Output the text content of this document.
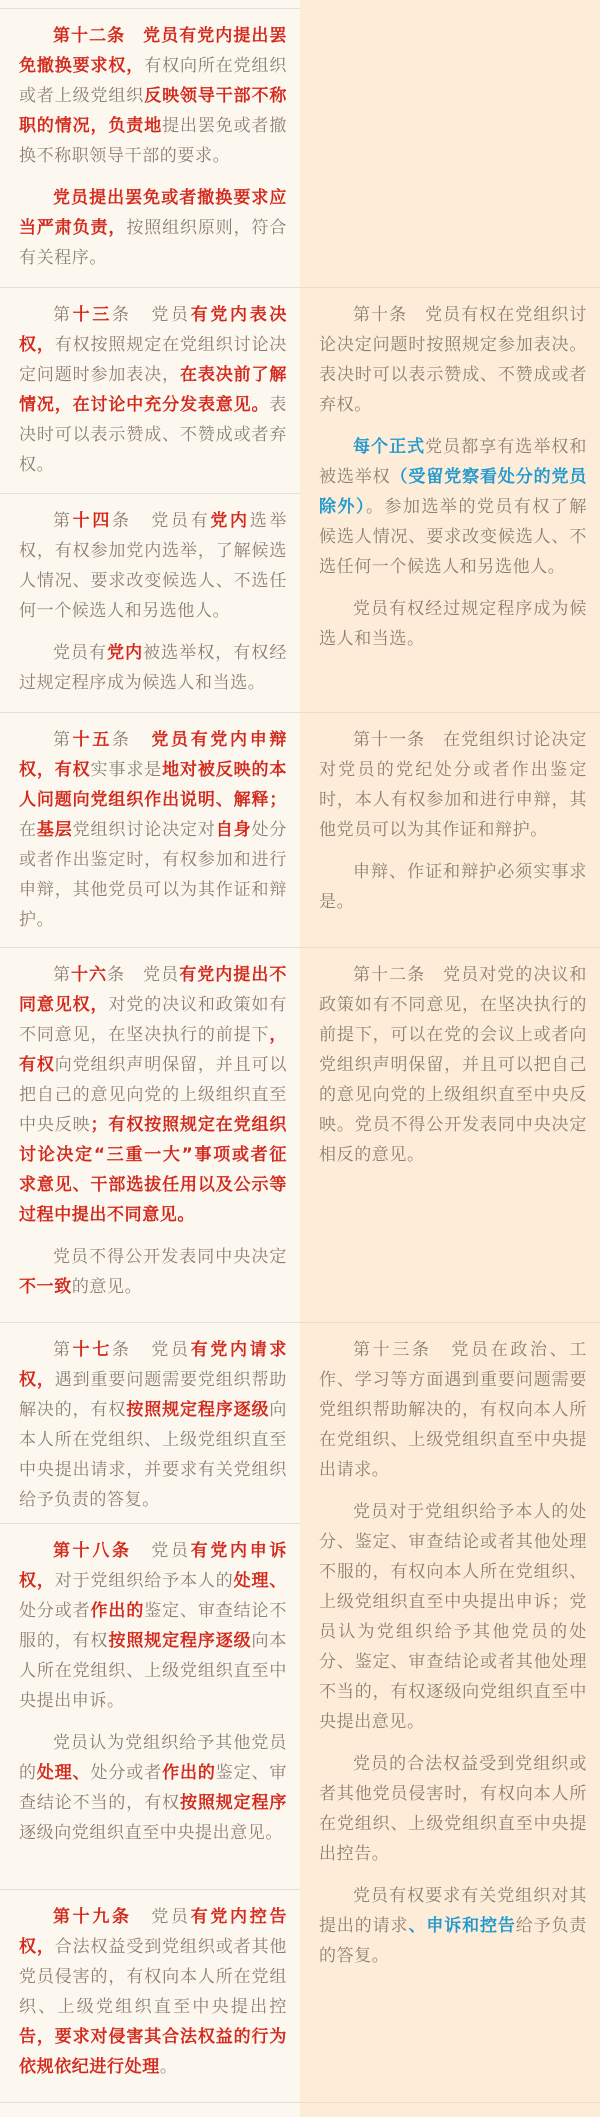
第十二条　党员有党内提出罢免撤换要求权，有权向所在党组织或者上级党组织反映领导干部不称职的情况，负责地提出罢免或者撤换不称职领导干部的要求。

党员提出罢免或者撤换要求应当严肃负责，按照组织原则，符合有关程序。

第十三条　党员有党内表决权，有权按照规定在党组织讨论决定问题时参加表决，在表决前了解情况，在讨论中充分发表意见。表决时可以表示赞成、不赞成或者弃权。

第十四条　党员有党内选举权，有权参加党内选举，了解候选人情况、要求改变候选人、不选任何一个候选人和另选他人。

党员有党内被选举权，有权经过规定程序成为候选人和当选。

第十条　党员有权在党组织讨论决定问题时按照规定参加表决。表决时可以表示赞成、不赞成或者弃权。

每个正式党员都享有选举权和被选举权（受留党察看处分的党员除外）。参加选举的党员有权了解候选人情况、要求改变候选人、不选任何一个候选人和另选他人。

党员有权经过规定程序成为候选人和当选。

第十五条　党员有党内申辩权，有权实事求是地对被反映的本人问题向党组织作出说明、解释；在基层党组织讨论决定对自身处分或者作出鉴定时，有权参加和进行申辩，其他党员可以为其作证和辩护。

第十一条　在党组织讨论决定对党员的党纪处分或者作出鉴定时，本人有权参加和进行申辩，其他党员可以为其作证和辩护。

申辩、作证和辩护必须实事求是。

第十六条　党员有党内提出不同意见权，对党的决议和政策如有不同意见，在坚决执行的前提下，有权向党组织声明保留，并且可以把自己的意见向党的上级组织直至中央反映；有权按照规定在党组织讨论决定“三重一大”事项或者征求意见、干部选拔任用以及公示等过程中提出不同意见。

党员不得公开发表同中央决定不一致的意见。

第十二条　党员对党的决议和政策如有不同意见，在坚决执行的前提下，可以在党的会议上或者向党组织声明保留，并且可以把自己的意见向党的上级组织直至中央反映。党员不得公开发表同中央决定相反的意见。

第十七条　党员有党内请求权，遇到重要问题需要党组织帮助解决的，有权按照规定程序逐级向本人所在党组织、上级党组织直至中央提出请求，并要求有关党组织给予负责的答复。

第十八条　党员有党内申诉权，对于党组织给予本人的处理、处分或者作出的鉴定、审查结论不服的，有权按照规定程序逐级向本人所在党组织、上级党组织直至中央提出申诉。

党员认为党组织给予其他党员的处理、处分或者作出的鉴定、审查结论不当的，有权按照规定程序逐级向党组织直至中央提出意见。

第十九条　党员有党内控告权，合法权益受到党组织或者其他党员侵害的，有权向本人所在党组织、上级党组织直至中央提出控告，要求对侵害其合法权益的行为依规依纪进行处理。

第十三条　党员在政治、工作、学习等方面遇到重要问题需要党组织帮助解决的，有权向本人所在党组织、上级党组织直至中央提出请求。

党员对于党组织给予本人的处分、鉴定、审查结论或者其他处理不服的，有权向本人所在党组织、上级党组织直至中央提出申诉；党员认为党组织给予其他党员的处分、鉴定、审查结论或者其他处理不当的，有权逐级向党组织直至中央提出意见。

党员的合法权益受到党组织或者其他党员侵害时，有权向本人所在党组织、上级党组织直至中央提出控告。

党员有权要求有关党组织对其提出的请求、申诉和控告给予负责的答复。
